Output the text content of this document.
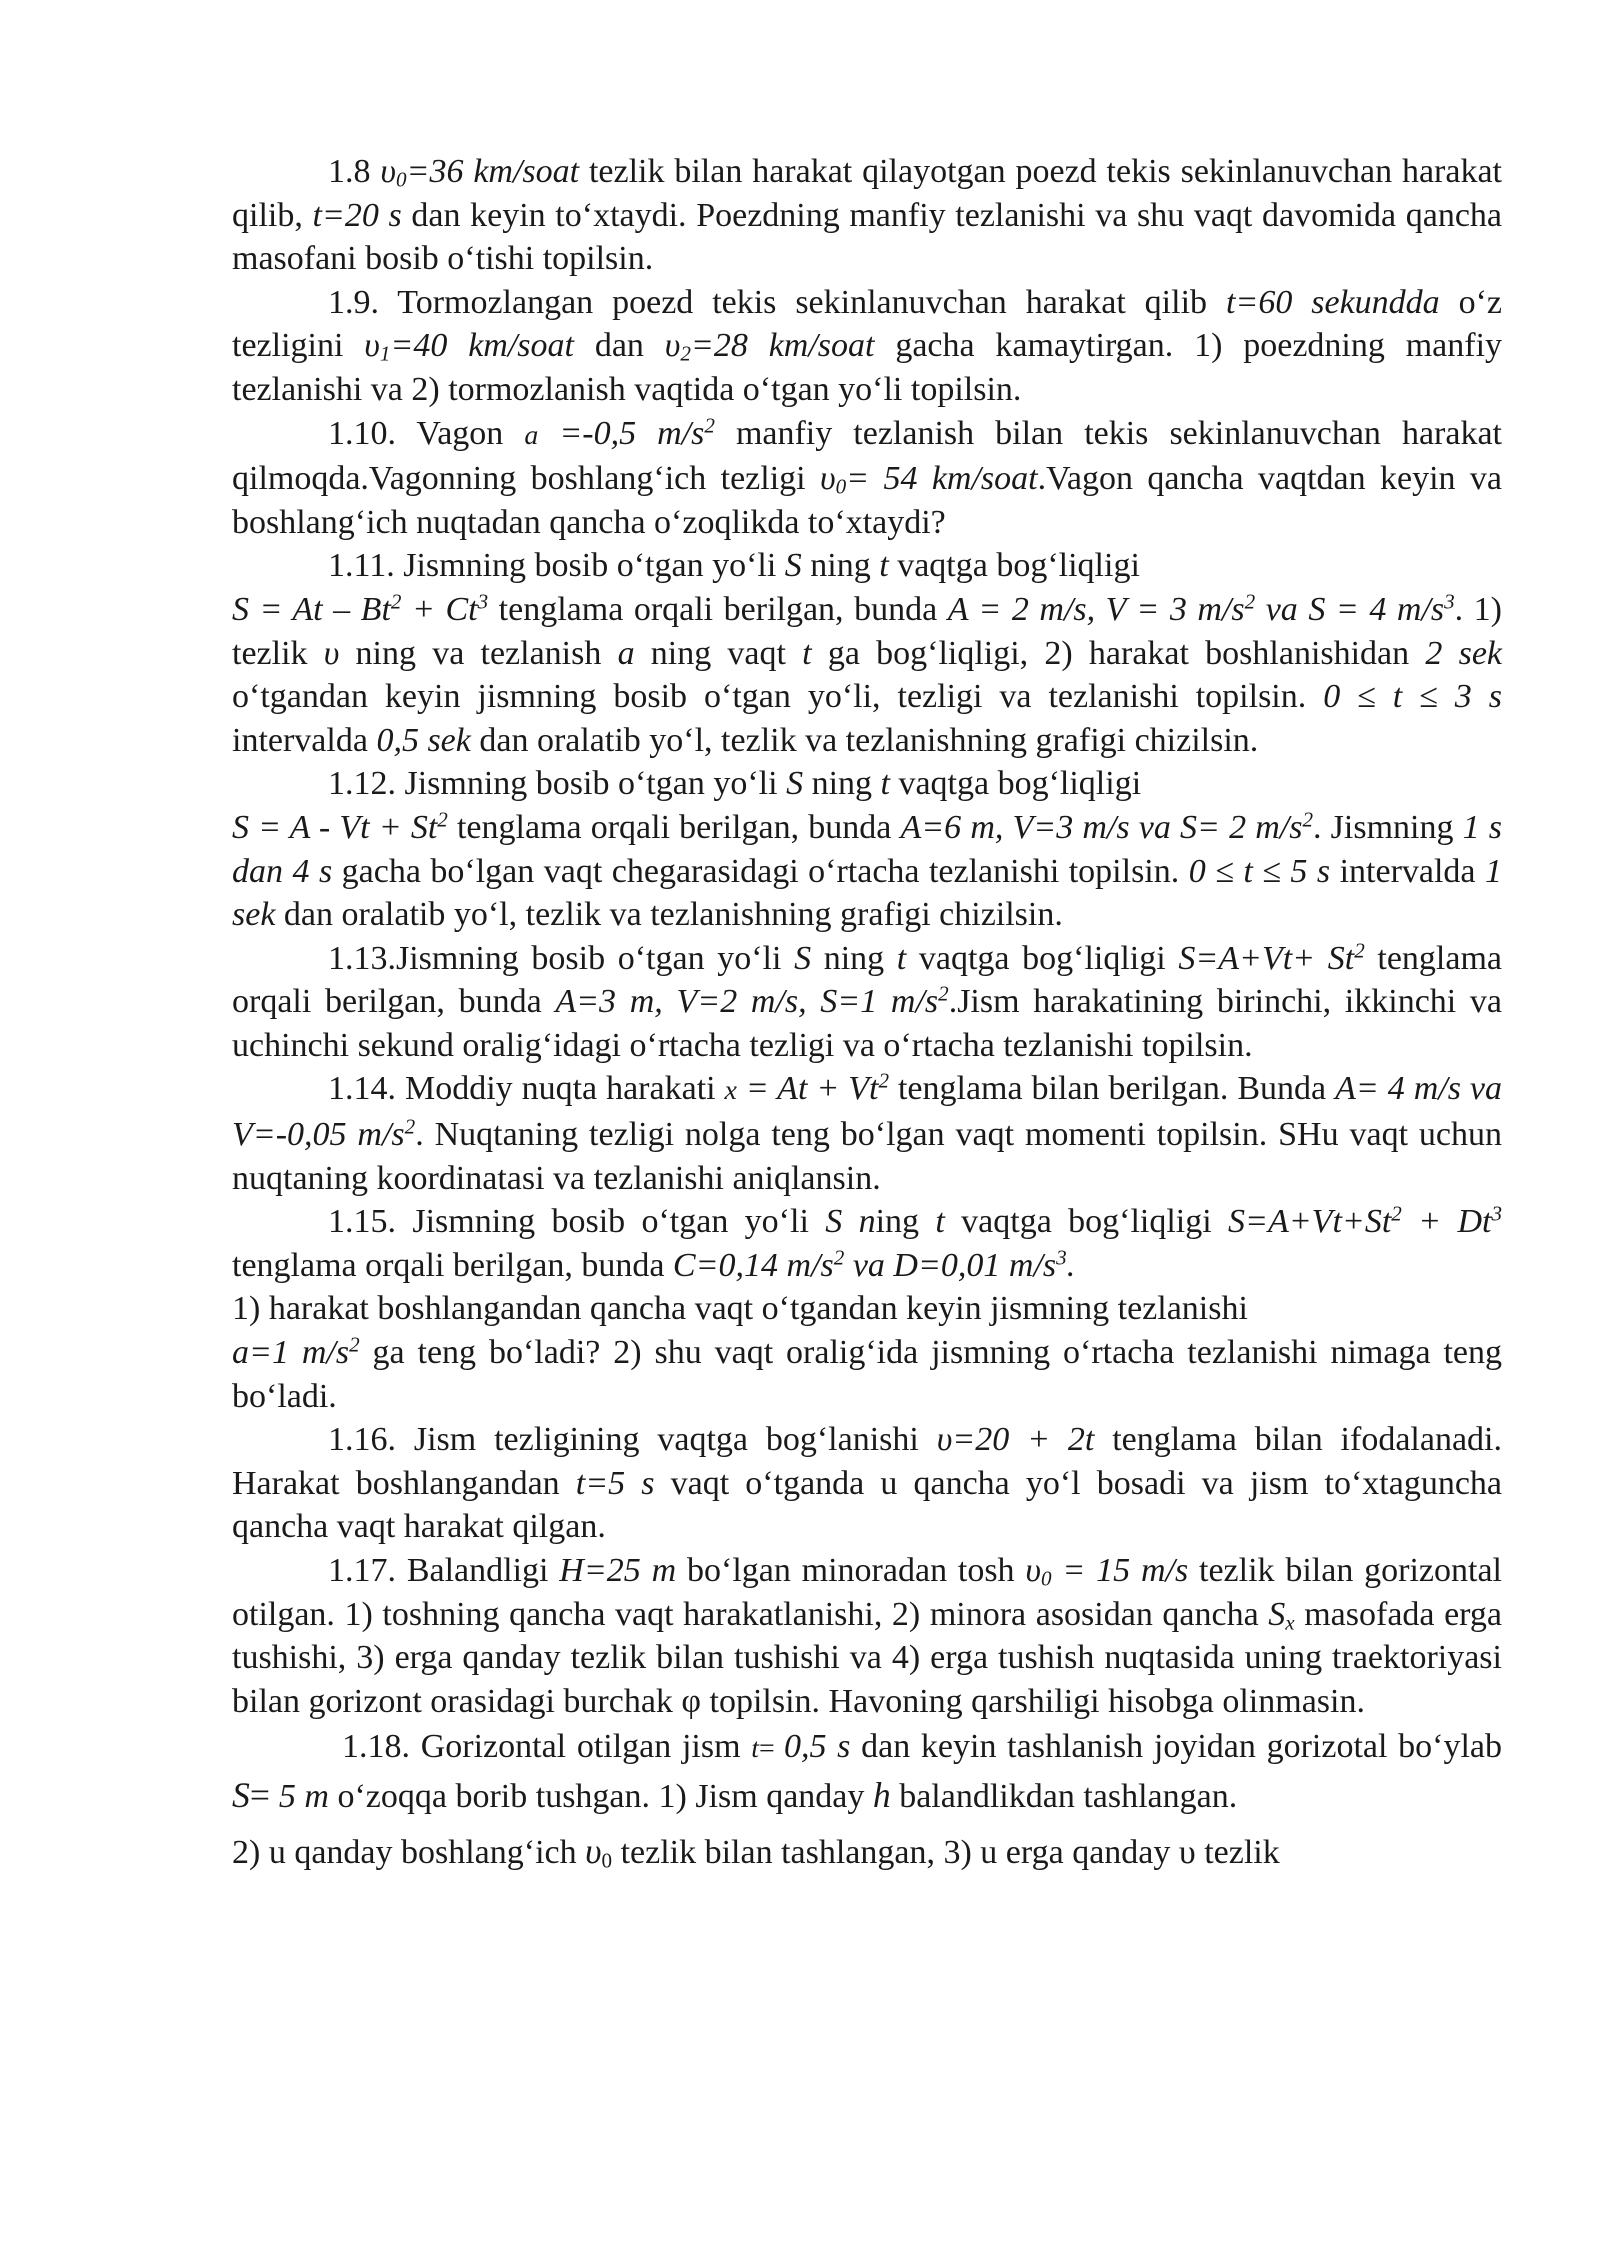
1.8 $\upsilon_0=36$ km/soat tezlik bilan harakat qilayotgan poezd tekis sekinlanuvchan harakat qilib, t=20 s dan keyin to‘xtaydi. Poezdning manfiy tezlanishi va shu vaqt davomida qancha masofani bosib o‘tishi topilsin.

1.9. Tormozlangan poezd tekis sekinlanuvchan harakat qilib t=60 sekundda o‘z tezligini $\upsilon_1=40$ km/soat dan $\upsilon_2=28$ km/soat gacha kamaytirgan. 1) poezdning manfiy tezlanishi va 2) tormozlanish vaqtida o‘tgan yo‘li topilsin.

1.10. Vagon a =-0,5 $m/s^2$ manfiy tezlanish bilan tekis sekinlanuvchan harakat qilmoqda.Vagonning boshlang‘ich tezligi $\upsilon_0= 54$ km/soat.Vagon qancha vaqtdan keyin va boshlang‘ich nuqtadan qancha o‘zoqlikda to‘xtaydi?

1.11. Jismning bosib o‘tgan yo‘li S ning t vaqtga bog‘liqligi
$S = At - Bt^2 + Ct^3$ tenglama orqali berilgan, bunda A = 2 m/s, V = 3 $m/s^2$ va S = 4 $m/s^3$. 1) tezlik υ ning va tezlanish a ning vaqt t ga bog‘liqligi, 2) harakat boshlanishidan 2 sek o‘tgandan keyin jismning bosib o‘tgan yo‘li, tezligi va tezlanishi topilsin. 0 ≤ t ≤ 3 s intervalda 0,5 sek dan oralatib yo‘l, tezlik va tezlanishning grafigi chizilsin.

1.12. Jismning bosib o‘tgan yo‘li S ning t vaqtga bog‘liqligi
$S = A - Vt + St^2$ tenglama orqali berilgan, bunda A=6 m, V=3 m/s va S= 2 $m/s^2$. Jismning 1 s dan 4 s gacha bo‘lgan vaqt chegarasidagi o‘rtacha tezlanishi topilsin. 0 ≤ t ≤ 5 s intervalda 1 sek dan oralatib yo‘l, tezlik va tezlanishning grafigi chizilsin.

1.13.Jismning bosib o‘tgan yo‘li S ning t vaqtga bog‘liqligi $S=A+Vt+ St^2$ tenglama orqali berilgan, bunda A=3 m, V=2 m/s, S=1 $m/s^2.Jism$ harakatining birinchi, ikkinchi va uchinchi sekund oralig‘idagi o‘rtacha tezligi va o‘rtacha tezlanishi topilsin.

1.14. Moddiy nuqta harakati $x = At + Vt^2$ tenglama bilan berilgan. Bunda A= 4 m/s va V=-0,05 $m/s^2$. Nuqtaning tezligi nolga teng bo‘lgan vaqt momenti topilsin. SHu vaqt uchun nuqtaning koordinatasi va tezlanishi aniqlansin.

1.15. Jismning bosib o‘tgan yo‘li S ning t vaqtga bog‘liqligi $S=A+Vt+St^2 + Dt^3$ tenglama orqali berilgan, bunda C=0,14 $m/s^2$ va D=0,01 $m/s^3$.

1) harakat boshlangandan qancha vaqt o‘tgandan keyin jismning tezlanishi
a=1 $m/s^2$ ga teng bo‘ladi? 2) shu vaqt oralig‘ida jismning o‘rtacha tezlanishi nimaga teng bo‘ladi.

1.16. Jism tezligining vaqtga bog‘lanishi υ=20 + 2t tenglama bilan ifodalanadi. Harakat boshlangandan t=5 s vaqt o‘tganda u qancha yo‘l bosadi va jism to‘xtaguncha qancha vaqt harakat qilgan.

1.17. Balandligi H=25 m bo‘lgan minoradan tosh $\upsilon_0 = 15$ m/s tezlik bilan gorizontal otilgan. 1) toshning qancha vaqt harakatlanishi, 2) minora asosidan qancha $S_x$ masofada erga tushishi, 3) erga qanday tezlik bilan tushishi va 4) erga tushish nuqtasida uning traektoriyasi bilan gorizont orasidagi burchak φ topilsin. Havoning qarshiligi hisobga olinmasin.

1.18. Gorizontal otilgan jism t= 0,5 s dan keyin tashlanish joyidan gorizotal bo‘ylab S= 5 m o‘zoqqa borib tushgan. 1) Jism qanday h balandlikdan tashlangan.

2) u qanday boshlang‘ich $\upsilon_0$ tezlik bilan tashlangan, 3) u erga qanday υ tezlik
